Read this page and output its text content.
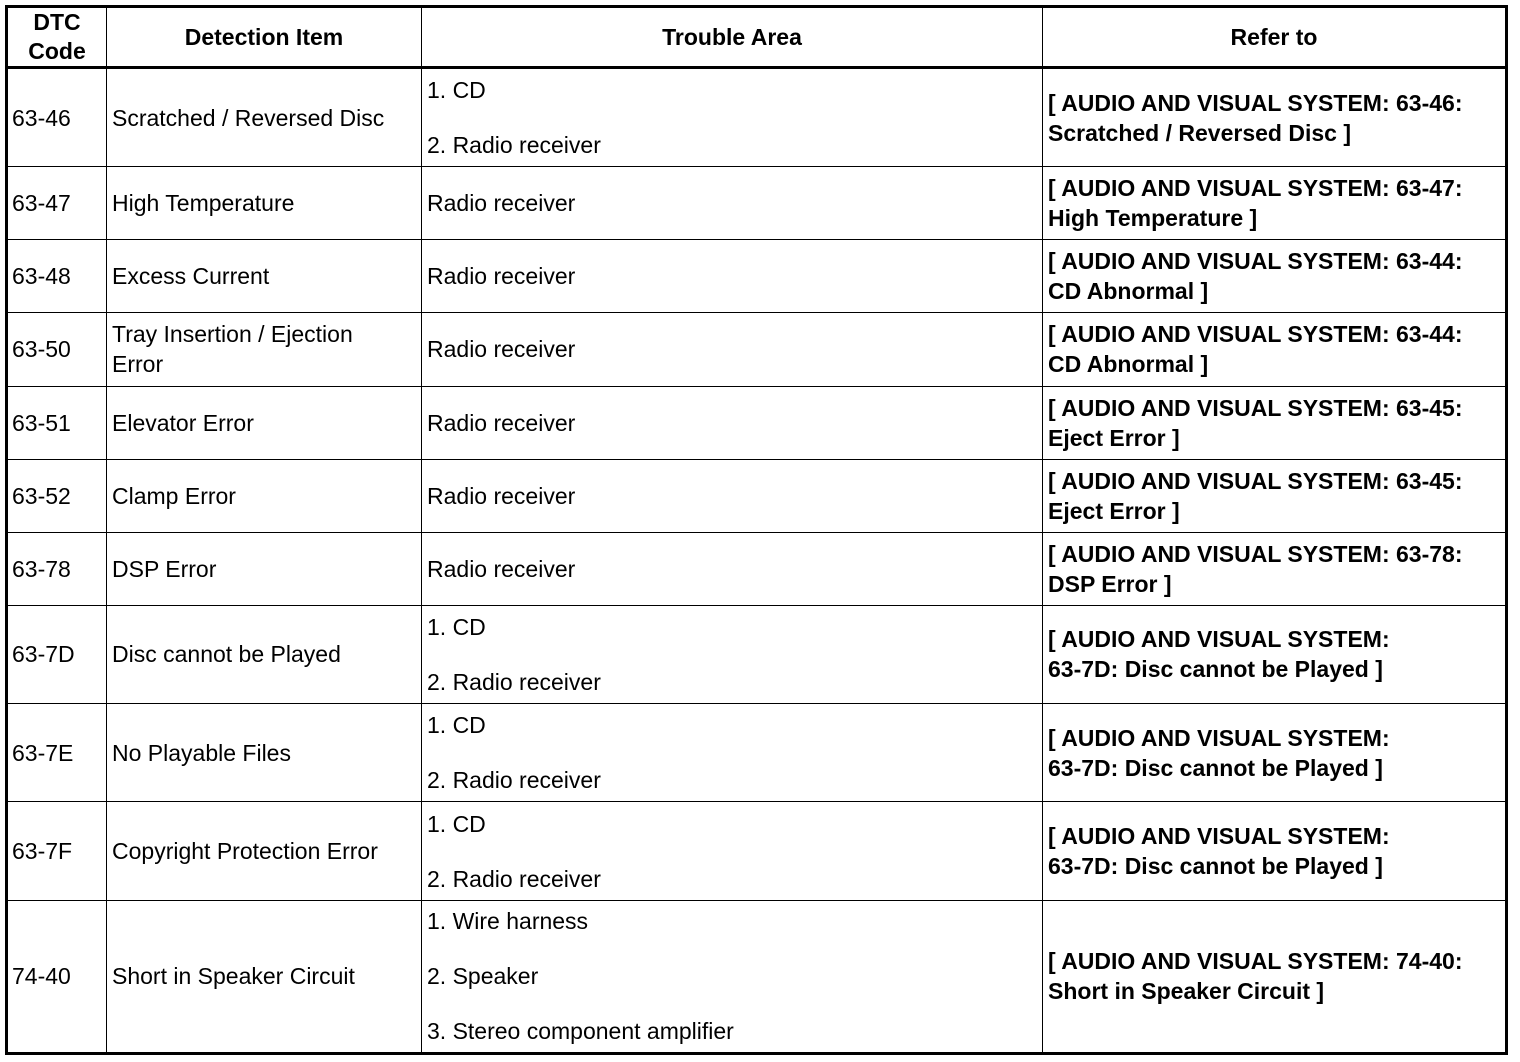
DTC
Code	Detection Item	Trouble Area	Refer to
63-46	Scratched / Reversed Disc	1. CD
2. Radio receiver	[ AUDIO AND VISUAL SYSTEM: 63-46:
Scratched / Reversed Disc ]

63-47	High Temperature	Radio receiver	[ AUDIO AND VISUAL SYSTEM: 63-47:
High Temperature ]

63-48	Excess Current	Radio receiver	[ AUDIO AND VISUAL SYSTEM: 63-44:
CD Abnormal ]

63-50	Tray Insertion / Ejection
Error	Radio receiver	[ AUDIO AND VISUAL SYSTEM: 63-44:
CD Abnormal ]

63-51	Elevator Error	Radio receiver	[ AUDIO AND VISUAL SYSTEM: 63-45:
Eject Error ]

63-52	Clamp Error	Radio receiver	[ AUDIO AND VISUAL SYSTEM: 63-45:
Eject Error ]

63-78	DSP Error	Radio receiver	[ AUDIO AND VISUAL SYSTEM: 63-78:
DSP Error ]

63-7D	Disc cannot be Played	1. CD
2. Radio receiver	[ AUDIO AND VISUAL SYSTEM:
63-7D: Disc cannot be Played ]

63-7E	No Playable Files	1. CD
2. Radio receiver	[ AUDIO AND VISUAL SYSTEM:
63-7D: Disc cannot be Played ]

63-7F	Copyright Protection Error	1. CD
2. Radio receiver	[ AUDIO AND VISUAL SYSTEM:
63-7D: Disc cannot be Played ]

74-40	Short in Speaker Circuit	1. Wire harness
2. Speaker
3. Stereo component amplifier	[ AUDIO AND VISUAL SYSTEM: 74-40:
Short in Speaker Circuit ]
